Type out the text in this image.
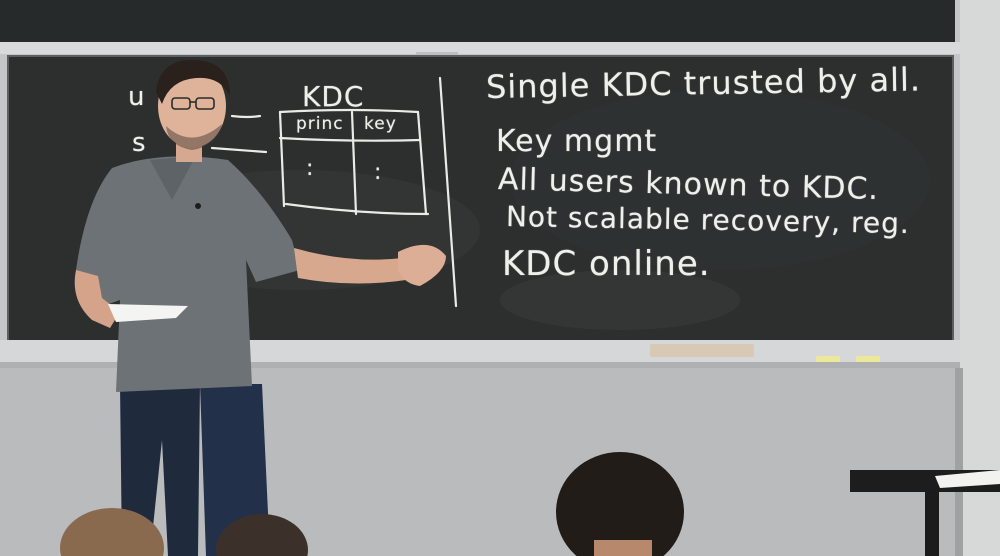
KDC
u
s
princ key
:	:
Single KDC trusted by all.
Key mgmt
All users known to KDC.
Not scalable recovery, reg.
KDC online.
